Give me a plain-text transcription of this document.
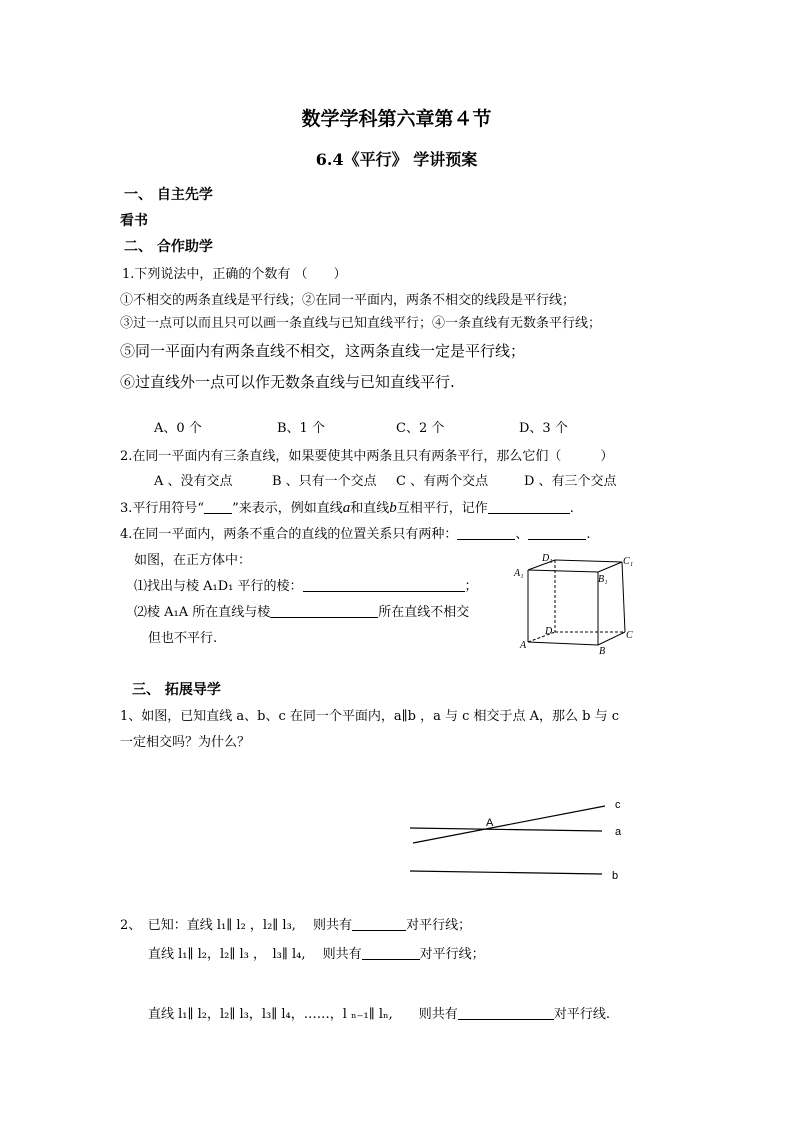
数学学科第六章第４节
6.4《平行》 学讲预案
一、 自主先学
看书
二、 合作助学
1.下列说法中，正确的个数有 （　　）
①不相交的两条直线是平行线；②在同一平面内，两条不相交的线段是平行线；
③过一点可以而且只可以画一条直线与已知直线平行；④一条直线有无数条平行线；
⑤同一平面内有两条直线不相交，这两条直线一定是平行线；
⑥过直线外一点可以作无数条直线与已知直线平行.
A、0 个	B、1 个	C、2 个	D、3 个
2.在同一平面内有三条直线，如果要使其中两条且只有两条平行，那么它们（　　　）
A 、没有交点	B 、只有一个交点 C 、有两个交点	D 、有三个交点
3.平行用符号“ ”来表示，例如直线a和直线b互相平行，记作	.
4.在同一平面内，两条不重合的直线的位置关系只有两种：	、	.
如图，在正方体中：
⑴找出与棱 A₁D₁ 平行的棱：	；
⑵棱 A₁A 所在直线与棱	所在直线不相交
但也不平行.
D₁	C₁
A₁
B₁
D	C
A
B
三、 拓展导学
1、如图，已知直线 a、b、c 在同一个平面内，a∥b ，a 与 c 相交于点 A，那么 b 与 c
一定相交吗？为什么？
c
A
a
b
2、　已知：直线 l₁∥ l₂ ，l₂∥ l₃,　 则共有	对平行线；
直线 l₁∥ l₂，l₂∥ l₃ ，　l₃∥ l₄,　 则共有	对平行线；
直线 l₁∥ l₂，l₂∥ l₃，l₃∥ l₄，……，l ₙ₋₁∥ lₙ,　　则共有	对平行线.
